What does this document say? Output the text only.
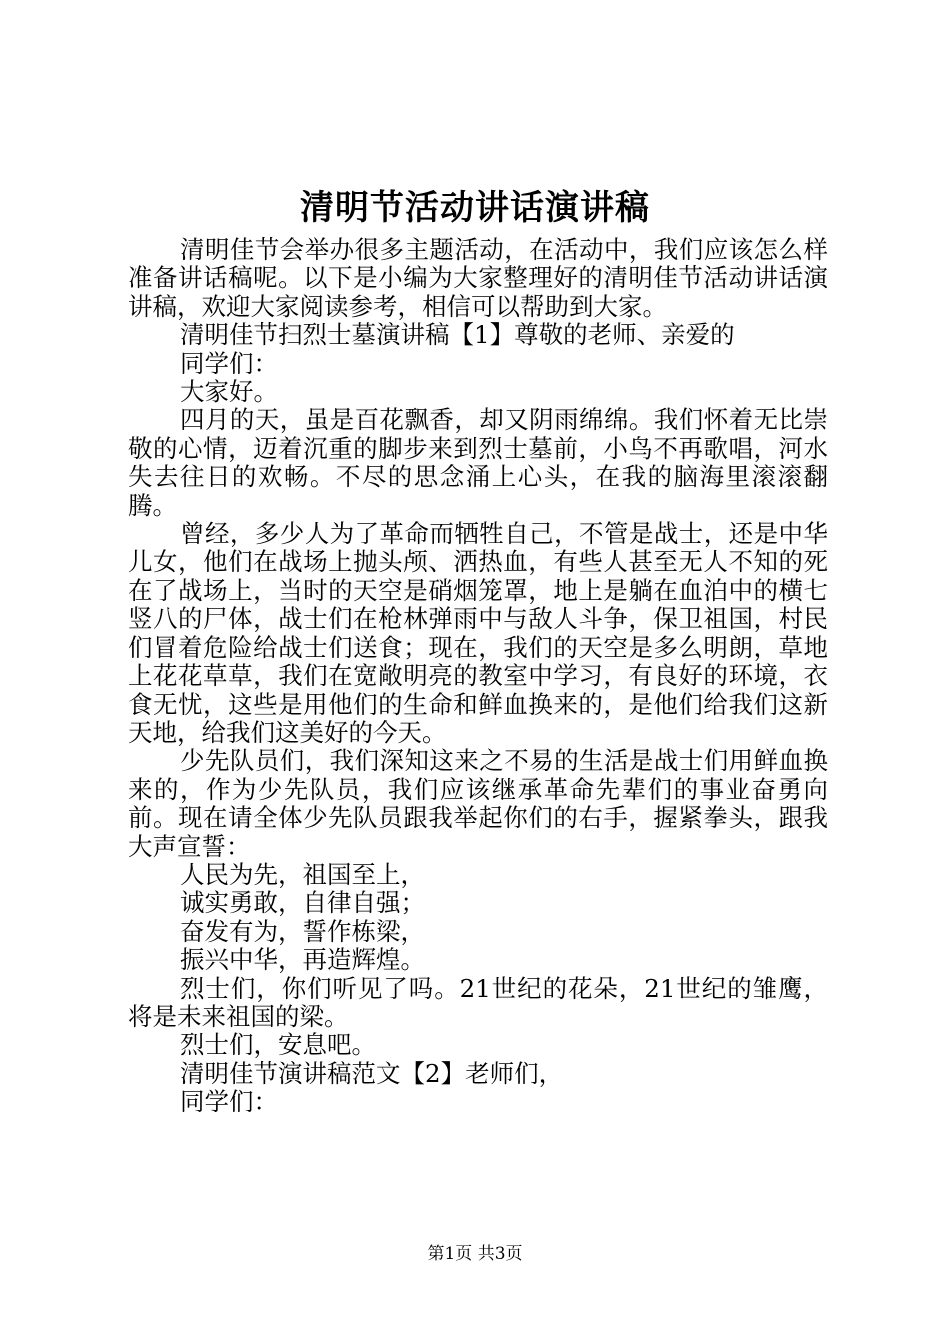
清明节活动讲话演讲稿

清明佳节会举办很多主题活动，在活动中，我们应该怎么样准备讲话稿呢。以下是小编为大家整理好的清明佳节活动讲话演讲稿，欢迎大家阅读参考，相信可以帮助到大家。

清明佳节扫烈士墓演讲稿【1】尊敬的老师、亲爱的

同学们：

大家好。

四月的天，虽是百花飘香，却又阴雨绵绵。我们怀着无比崇敬的心情，迈着沉重的脚步来到烈士墓前，小鸟不再歌唱，河水失去往日的欢畅。不尽的思念涌上心头，在我的脑海里滚滚翻腾。

曾经，多少人为了革命而牺牲自己，不管是战士，还是中华儿女，他们在战场上抛头颅、洒热血，有些人甚至无人不知的死在了战场上，当时的天空是硝烟笼罩，地上是躺在血泊中的横七竖八的尸体，战士们在枪林弹雨中与敌人斗争，保卫祖国，村民们冒着危险给战士们送食；现在，我们的天空是多么明朗，草地上花花草草，我们在宽敞明亮的教室中学习，有良好的环境，衣食无忧，这些是用他们的生命和鲜血换来的，是他们给我们这新天地，给我们这美好的今天。

少先队员们，我们深知这来之不易的生活是战士们用鲜血换来的，作为少先队员，我们应该继承革命先辈们的事业奋勇向前。现在请全体少先队员跟我举起你们的右手，握紧拳头，跟我大声宣誓：

人民为先，祖国至上，

诚实勇敢，自律自强；

奋发有为，誓作栋梁，

振兴中华，再造辉煌。

烈士们，你们听见了吗。21世纪的花朵，21世纪的雏鹰，将是未来祖国的梁。

烈士们，安息吧。

清明佳节演讲稿范文【2】老师们，

同学们：

第1页 共3页
